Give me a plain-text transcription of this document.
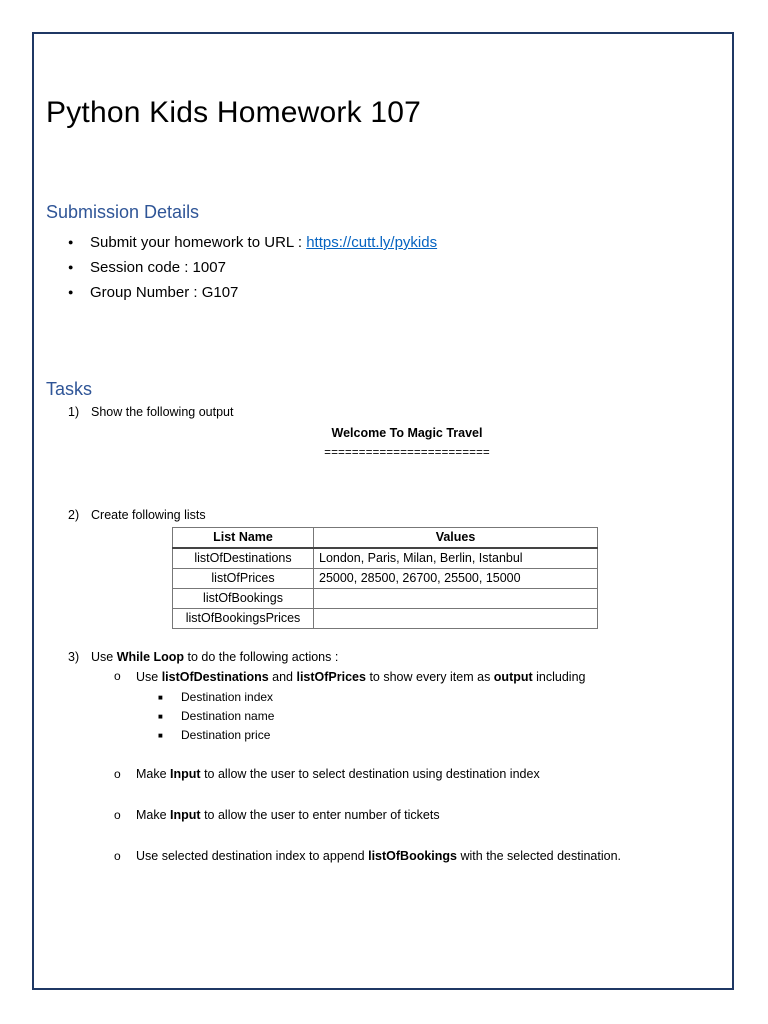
Python Kids Homework 107
Submission Details
● Submit your homework to URL : https://cutt.ly/pykids
● Session code : 1007
● Group Number : G107
Tasks
1) Show the following output
Welcome To Magic Travel
========================
2) Create following lists
List Name	Values
listOfDestinations	London, Paris, Milan, Berlin, Istanbul
listOfPrices	25000, 28500, 26700, 25500, 15000
listOfBookings	
listOfBookingsPrices	
3) Use While Loop to do the following actions :
o Use listOfDestinations and listOfPrices to show every item as output including
■ Destination index
■ Destination name
■ Destination price
o Make Input to allow the user to select destination using destination index
o Make Input to allow the user to enter number of tickets
o Use selected destination index to append listOfBookings with the selected destination.
